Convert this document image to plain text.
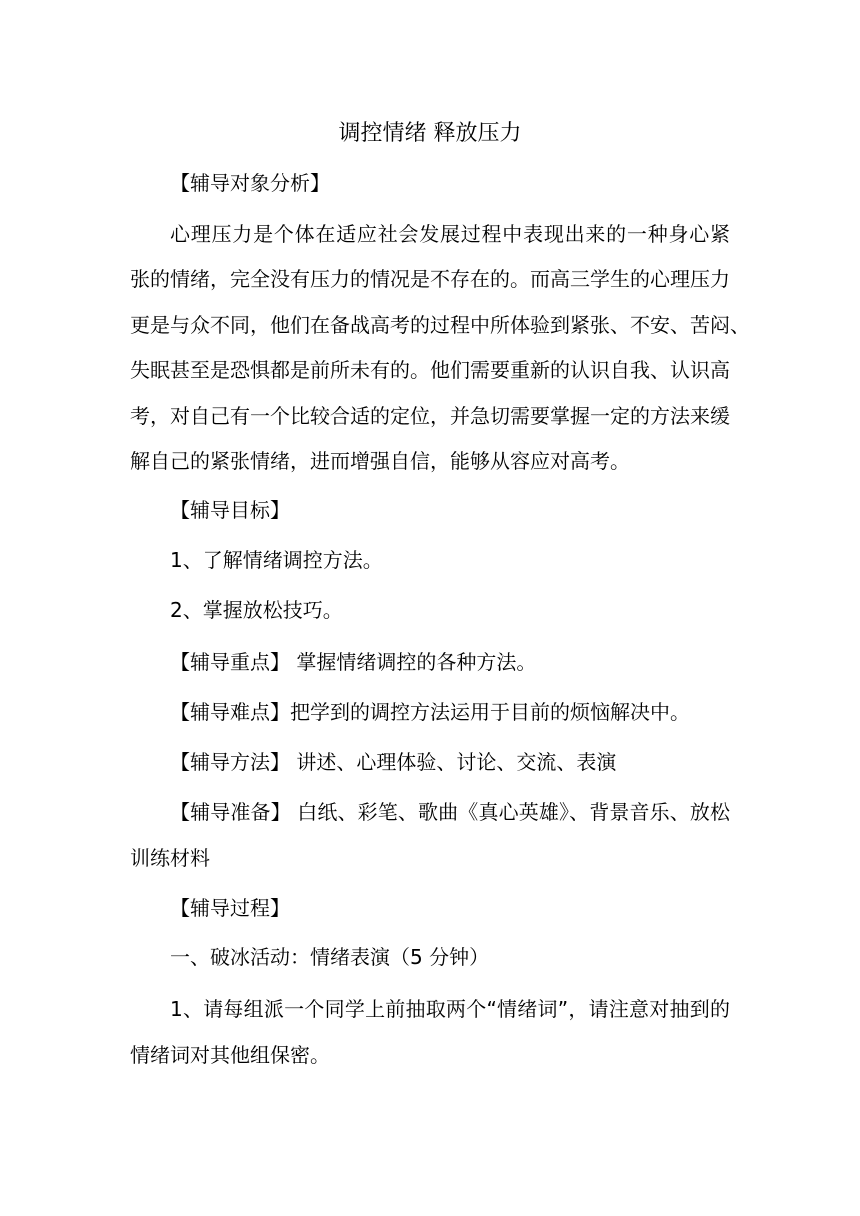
调控情绪 释放压力
【辅导对象分析】
心理压力是个体在适应社会发展过程中表现出来的一种身心紧
张的情绪，完全没有压力的情况是不存在的。而高三学生的心理压力
更是与众不同，他们在备战高考的过程中所体验到紧张、不安、苦闷、
失眠甚至是恐惧都是前所未有的。他们需要重新的认识自我、认识高
考，对自己有一个比较合适的定位，并急切需要掌握一定的方法来缓
解自己的紧张情绪，进而增强自信，能够从容应对高考。
【辅导目标】
1、了解情绪调控方法。
2、掌握放松技巧。
【辅导重点】 掌握情绪调控的各种方法。
【辅导难点】把学到的调控方法运用于目前的烦恼解决中。
【辅导方法】 讲述、心理体验、讨论、交流、表演
【辅导准备】 白纸、彩笔、歌曲《真心英雄》、背景音乐、放松
训练材料
【辅导过程】
一、破冰活动：情绪表演（5 分钟）
1、请每组派一个同学上前抽取两个“情绪词”，请注意对抽到的
情绪词对其他组保密。
